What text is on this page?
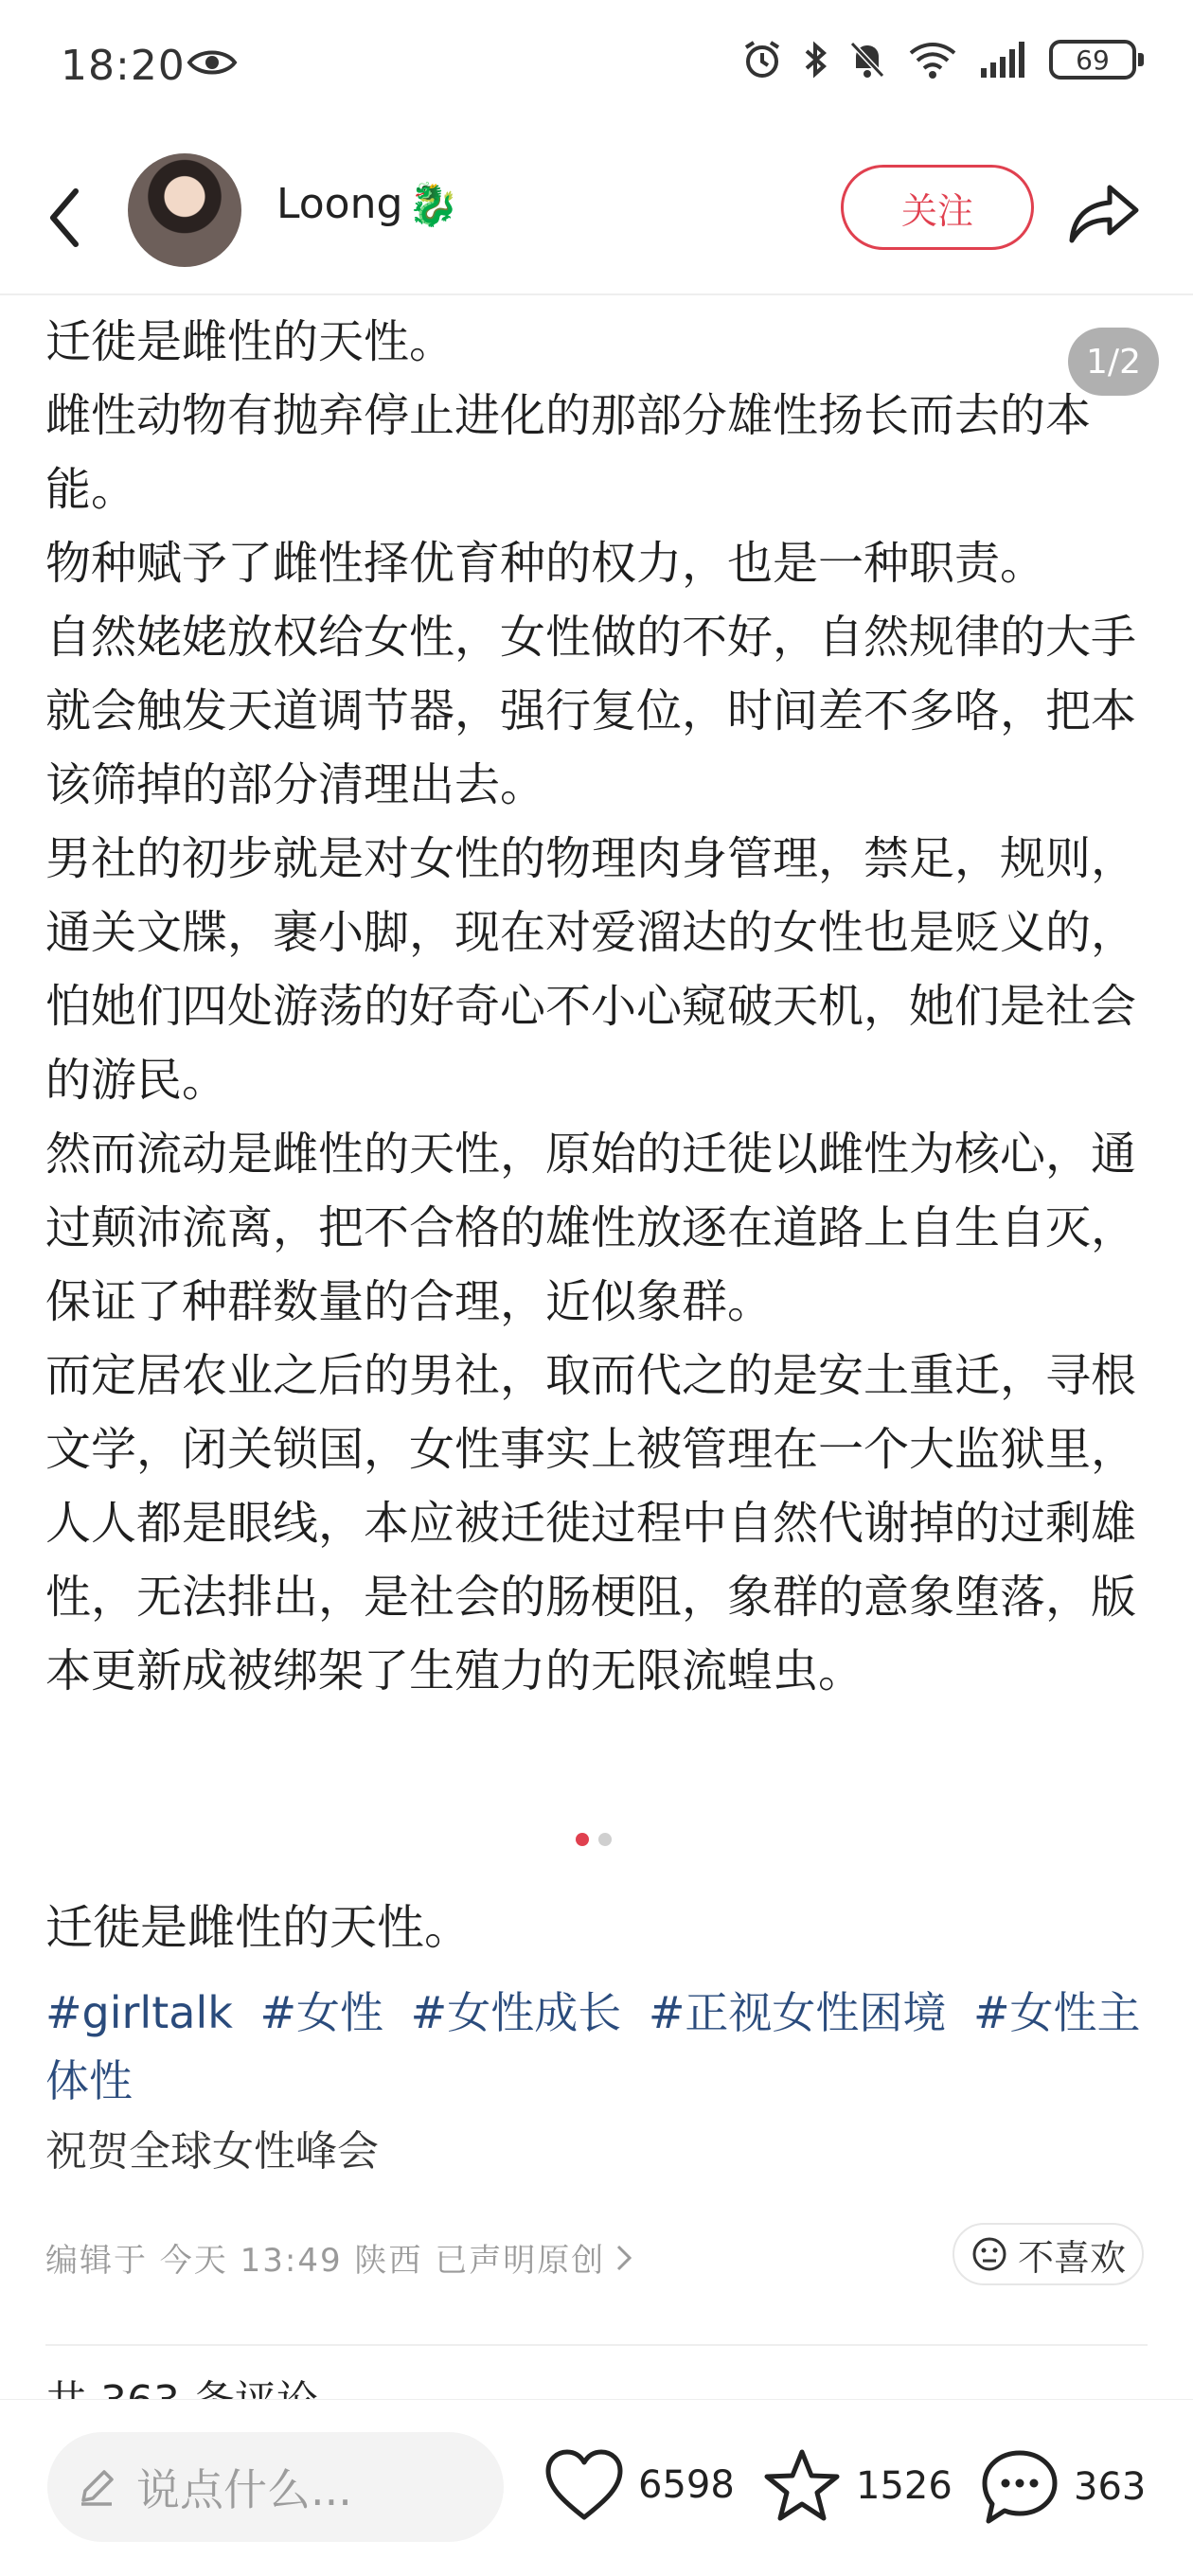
18:20	69
Loong 🐉	关注

迁徙是雌性的天性。

雌性动物有抛弃停止进化的那部分雄性扬长而去的本能。

物种赋予了雌性择优育种的权力，也是一种职责。

自然姥姥放权给女性，女性做的不好，自然规律的大手就会触发天道调节器，强行复位，时间差不多咯，把本该筛掉的部分清理出去。

男社的初步就是对女性的物理肉身管理，禁足，规则，通关文牒，裹小脚，现在对爱溜达的女性也是贬义的，怕她们四处游荡的好奇心不小心窥破天机，她们是社会的游民。

然而流动是雌性的天性，原始的迁徙以雌性为核心，通过颠沛流离，把不合格的雄性放逐在道路上自生自灭，保证了种群数量的合理，近似象群。

而定居农业之后的男社，取而代之的是安土重迁，寻根文学，闭关锁国，女性事实上被管理在一个大监狱里，人人都是眼线，本应被迁徙过程中自然代谢掉的过剩雄性，无法排出，是社会的肠梗阻，象群的意象堕落，版本更新成被绑架了生殖力的无限流蝗虫。

1/2
迁徙是雌性的天性。
#girltalk #女性 #女性成长 #正视女性困境 #女性主体性
祝贺全球女性峰会
编辑于 今天 13:49 陕西 已声明原创	不喜欢
说点什么...	6598	1526	363
